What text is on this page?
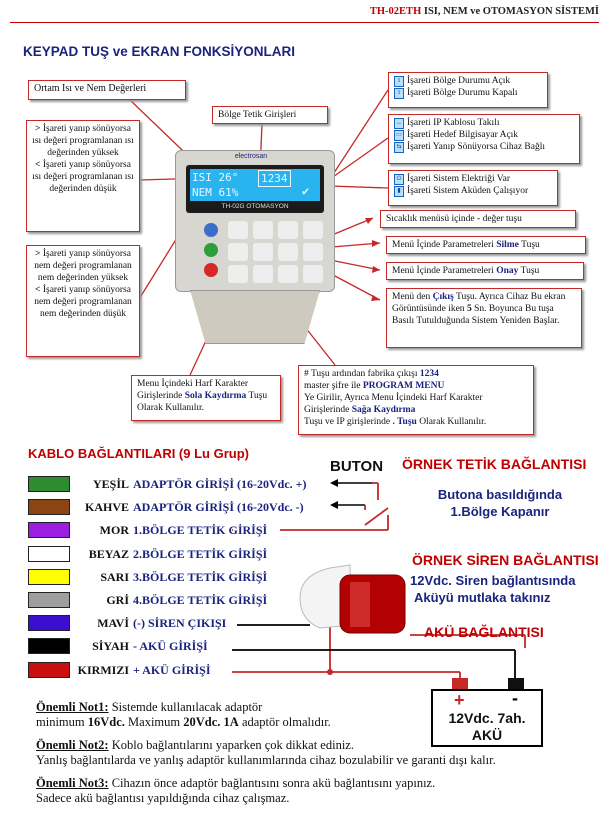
TH-02ETH ISI, NEM ve OTOMASYON SİSTEMİ
KEYPAD TUŞ ve EKRAN FONKSİYONLARI
electrosan
ISI 26°
NEM 61%
1234
✔
TH-02G OTOMASYON
Ortam Isı ve Nem Değerleri
Bölge Tetik Girişleri
> İşareti yanıp sönüyorsa ısı değeri programlanan ısı değerinden yüksek
< İşareti yanıp sönüyorsa ısı değeri programlanan ısı değerinden düşük
> İşareti yanıp sönüyorsa nem değeri programlanan nem değerinden yüksek
< İşareti yanıp sönüyorsa nem değeri programlanan nem değerinden düşük
1 İşareti Bölge Durumu Açık
1 İşareti Bölge Durumu Kapalı
↔ İşareti IP Kablosu Takılı
▭ İşareti Hedef Bilgisayar Açık
⇆ İşareti Yanıp Sönüyorsa Cihaz Bağlı
⏻ İşareti Sistem Elektriği Var
▮ İşareti Sistem Aküden Çalışıyor
Sıcaklık menüsü içinde - değer tuşu
Menü İçinde Parametreleri Silme Tuşu
Menü İçinde Parametreleri Onay Tuşu
Menü den Çıkış Tuşu. Ayrıca Cihaz Bu ekran Görüntüsünde iken 5 Sn. Boyunca Bu tuşa Basılı Tutulduğunda Sistem Yeniden Başlar.
Menu İçindeki Harf Karakter Girişlerinde Sola Kaydırma Tuşu Olarak Kullanılır.
# Tuşu ardından fabrika çıkışı 1234
master şifre ile PROGRAM MENU
Ye Girilir, Ayrıca Menu İçindeki Harf Karakter Girişlerinde Sağa Kaydırma
Tuşu ve IP girişlerinde . Tuşu Olarak Kullanılır.
KABLO BAĞLANTILARI (9 Lu Grup)
YEŞİL ADAPTÖR GİRİŞİ (16-20Vdc. +)
KAHVE ADAPTÖR GİRİŞİ (16-20Vdc. -)
MOR 1.BÖLGE TETİK GİRİŞİ
BEYAZ 2.BÖLGE TETİK GİRİŞİ
SARI 3.BÖLGE TETİK GİRİŞİ
GRİ 4.BÖLGE TETİK GİRİŞİ
MAVİ (-) SİREN ÇIKIŞI
SİYAH - AKÜ GİRİŞİ
KIRMIZI + AKÜ GİRİŞİ
BUTON ÖRNEK TETİK BAĞLANTISI
Butona basıldığında
1.Bölge Kapanır
ÖRNEK SİREN BAĞLANTISI
12Vdc. Siren bağlantısında
Aküyü mutlaka takınız
AKÜ BAĞLANTISI
+	-
12Vdc. 7ah.
AKÜ
Önemli Not1: Sistemde kullanılacak adaptör
minimum 16Vdc. Maximum 20Vdc. 1A adaptör olmalıdır.
Önemli Not2: Koblo bağlantılarını yaparken çok dikkat ediniz.
Yanlış bağlantılarda ve yanlış adaptör kullanımlarında cihaz bozulabilir ve garanti dışı kalır.
Önemli Not3: Cihazın önce adaptör bağlantısını sonra akü bağlantısını yapınız.
Sadece akü bağlantısı yapıldığında cihaz çalışmaz.
